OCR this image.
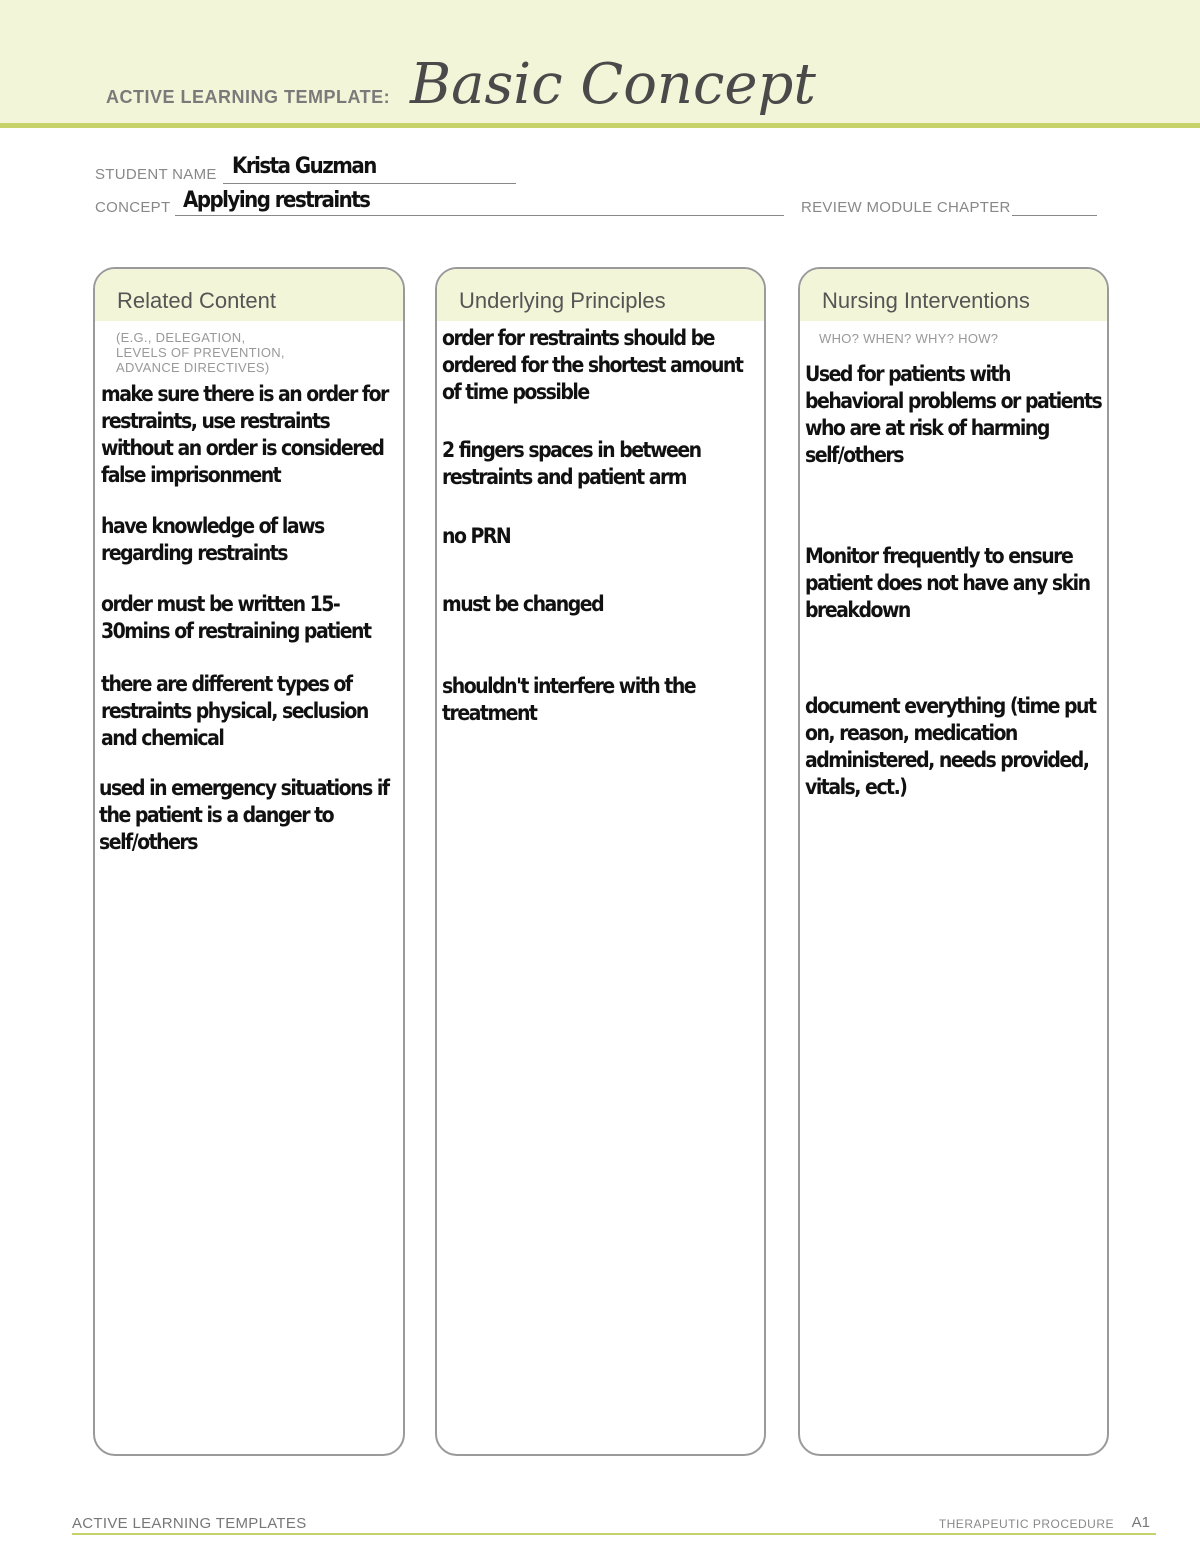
ACTIVE LEARNING TEMPLATE: Basic Concept
STUDENT NAME Krista Guzman
CONCEPT Applying restraints	REVIEW MODULE CHAPTER
Related Content
(E.G., DELEGATION,
LEVELS OF PREVENTION,
ADVANCE DIRECTIVES)
make sure there is an order for restraints, use restraints without an order is considered false imprisonment
have knowledge of laws regarding restraints
order must be written 15-30mins of restraining patient
there are different types of restraints physical, seclusion and chemical
used in emergency situations if the patient is a danger to self/others
Underlying Principles
order for restraints should be ordered for the shortest amount of time possible
2 fingers spaces in between restraints and patient arm
no PRN
must be changed
shouldn't interfere with the treatment
Nursing Interventions
WHO? WHEN? WHY? HOW?
Used for patients with behavioral problems or patients who are at risk of harming self/others
Monitor frequently to ensure patient does not have any skin breakdown
document everything (time put on, reason, medication administered, needs provided, vitals, ect.)
ACTIVE LEARNING TEMPLATES	THERAPEUTIC PROCEDURE A1
